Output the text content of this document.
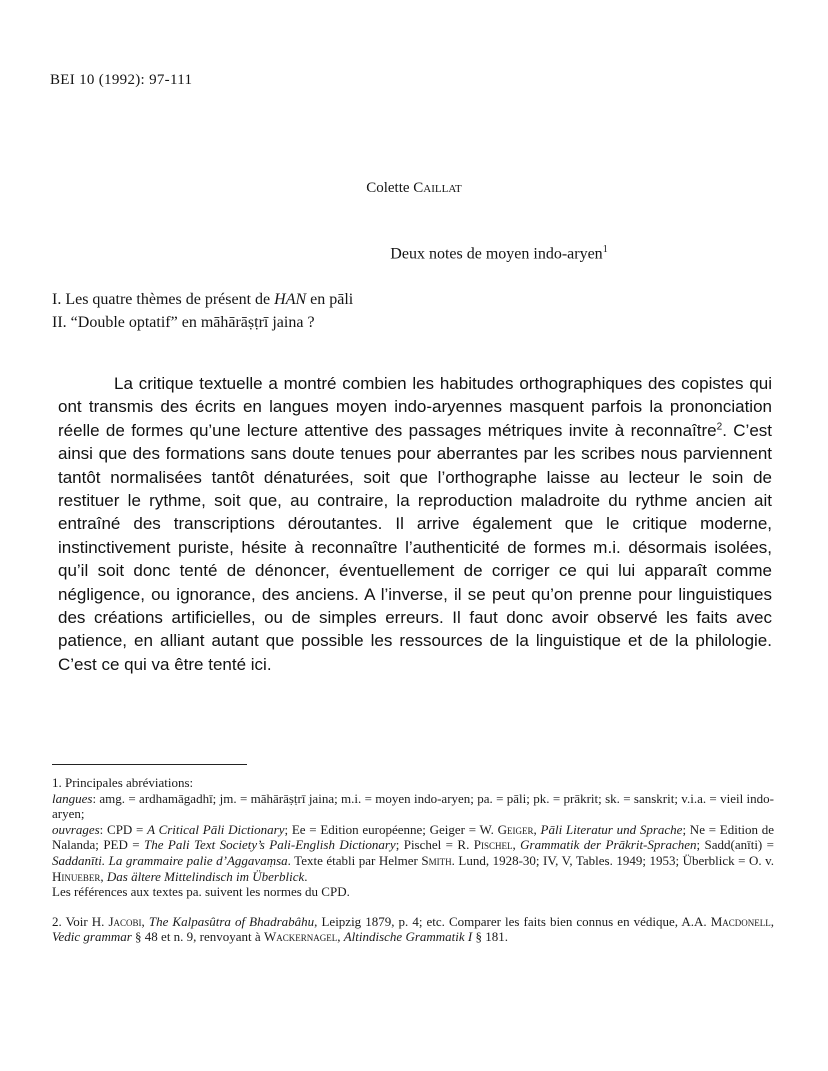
BEI 10 (1992): 97-111
Colette Caillat
Deux notes de moyen indo-aryen$^1$
I. Les quatre thèmes de présent de HAN en pāli
II. “Double optatif” en māhārāṣṭrī jaina ?

La critique textuelle a montré combien les habitudes orthographiques des copistes qui ont transmis des écrits en langues moyen indo-aryennes masquent parfois la prononciation réelle de formes qu’une lecture attentive des passages métriques invite à reconnaître$^2$. C’est ainsi que des formations sans doute tenues pour aberrantes par les scribes nous parviennent tantôt normalisées tantôt dénaturées, soit que l’orthographe laisse au lecteur le soin de restituer le rythme, soit que, au contraire, la reproduction maladroite du rythme ancien ait entraîné des transcriptions déroutantes. Il arrive également que le critique moderne, instinctivement puriste, hésite à reconnaître l’authenticité de formes m.i. désormais isolées, qu’il soit donc tenté de dénoncer, éventuellement de corriger ce qui lui apparaît comme négligence, ou ignorance, des anciens. A l’inverse, il se peut qu’on prenne pour linguistiques des créations artificielles, ou de simples erreurs. Il faut donc avoir observé les faits avec patience, en alliant autant que possible les ressources de la linguistique et de la philologie. C’est ce qui va être tenté ici.

1. Principales abréviations:

langues: amg. = ardhamāgadhī; jm. = māhārāṣṭrī jaina; m.i. = moyen indo-aryen; pa. = pāli; pk. = prākrit; sk. = sanskrit; v.i.a. = vieil indo-aryen;

ouvrages: CPD = A Critical Pāli Dictionary; Ee = Edition européenne; Geiger = W. Geiger, Pāli Literatur und Sprache; Ne = Edition de Nalanda; PED = The Pali Text Society’s Pali-English Dictionary; Pischel = R. Pischel, Grammatik der Prākrit-Sprachen; Sadd(anīti) = Saddanīti. La grammaire palie d’Aggavaṃsa. Texte établi par Helmer Smith. Lund, 1928-30; IV, V, Tables. 1949; 1953; Überblick = O. v. Hinueber, Das ältere Mittelindisch im Überblick.

Les références aux textes pa. suivent les normes du CPD.

2. Voir H. Jacobi, The Kalpasûtra of Bhadrabâhu, Leipzig 1879, p. 4; etc. Comparer les faits bien connus en védique, A.A. Macdonell, Vedic grammar § 48 et n. 9, renvoyant à Wackernagel, Altindische Grammatik I § 181.
